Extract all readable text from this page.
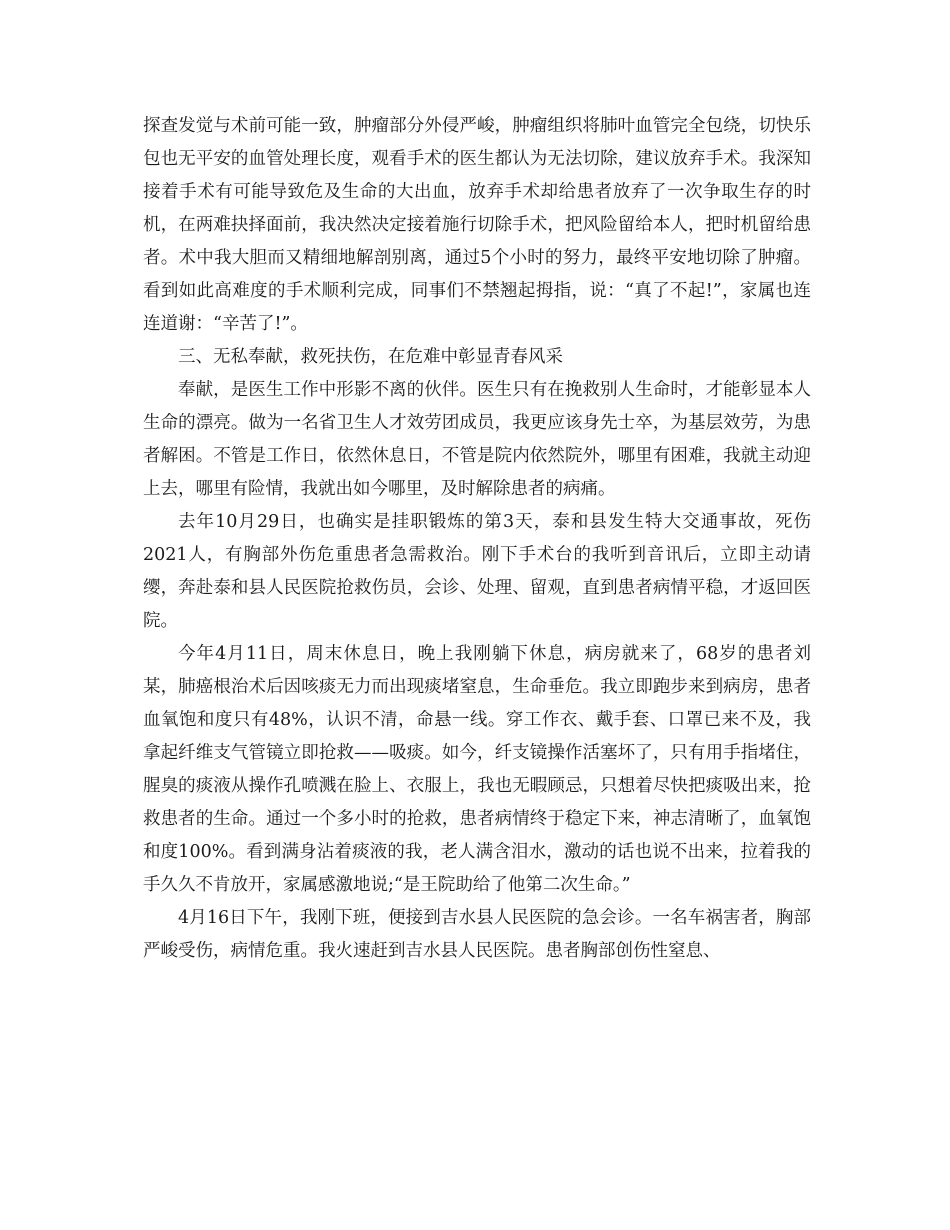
探查发觉与术前可能一致，肿瘤部分外侵严峻，肿瘤组织将肺叶血管完全包绕，切快乐包也无平安的血管处理长度，观看手术的医生都认为无法切除，建议放弃手术。我深知接着手术有可能导致危及生命的大出血，放弃手术却给患者放弃了一次争取生存的时机，在两难抉择面前，我决然决定接着施行切除手术，把风险留给本人，把时机留给患者。术中我大胆而又精细地解剖别离，通过5个小时的努力，最终平安地切除了肿瘤。看到如此高难度的手术顺利完成，同事们不禁翘起拇指，说：“真了不起!”，家属也连连道谢：“辛苦了!”。

三、无私奉献，救死扶伤，在危难中彰显青春风采

奉献，是医生工作中形影不离的伙伴。医生只有在挽救别人生命时，才能彰显本人生命的漂亮。做为一名省卫生人才效劳团成员，我更应该身先士卒，为基层效劳，为患者解困。不管是工作日，依然休息日，不管是院内依然院外，哪里有困难，我就主动迎上去，哪里有险情，我就出如今哪里，及时解除患者的病痛。

去年10月29日，也确实是挂职锻炼的第3天，泰和县发生特大交通事故，死伤2021人，有胸部外伤危重患者急需救治。刚下手术台的我听到音讯后，立即主动请缨，奔赴泰和县人民医院抢救伤员，会诊、处理、留观，直到患者病情平稳，才返回医院。

今年4月11日，周末休息日，晚上我刚躺下休息，病房就来了，68岁的患者刘某，肺癌根治术后因咳痰无力而出现痰堵窒息，生命垂危。我立即跑步来到病房，患者血氧饱和度只有48%，认识不清，命悬一线。穿工作衣、戴手套、口罩已来不及，我拿起纤维支气管镜立即抢救——吸痰。如今，纤支镜操作活塞坏了，只有用手指堵住，腥臭的痰液从操作孔喷溅在脸上、衣服上，我也无暇顾忌，只想着尽快把痰吸出来，抢救患者的生命。通过一个多小时的抢救，患者病情终于稳定下来，神志清晰了，血氧饱和度100%。看到满身沾着痰液的我，老人满含泪水，激动的话也说不出来，拉着我的手久久不肯放开，家属感激地说;“是王院助给了他第二次生命。”

4月16日下午，我刚下班，便接到吉水县人民医院的急会诊。一名车祸害者，胸部严峻受伤，病情危重。我火速赶到吉水县人民医院。患者胸部创伤性窒息、
